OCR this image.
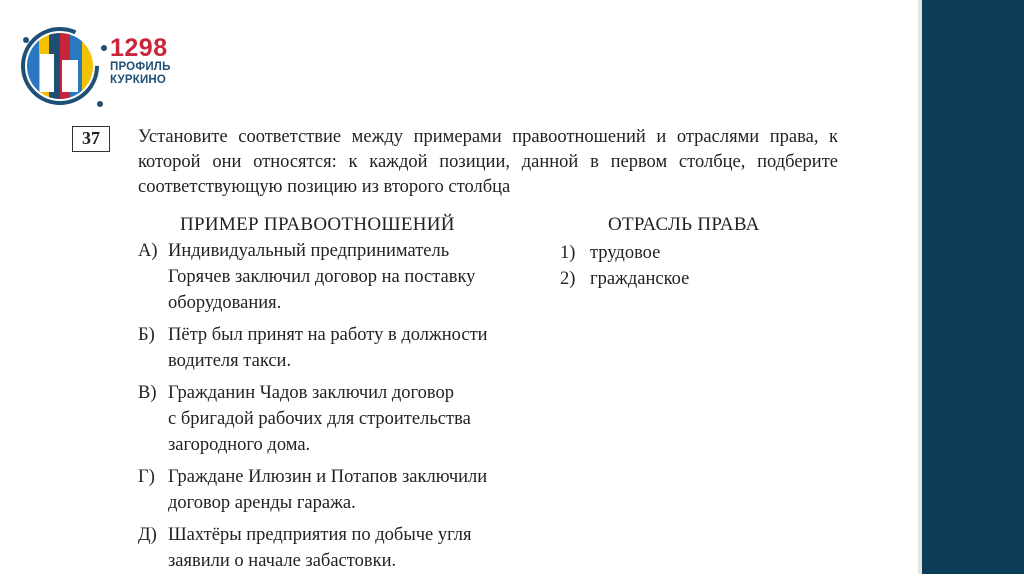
1298
ПРОФИЛЬ
КУРКИНО
37	Установите соответствие между примерами правоотношений и отраслями права, к которой они относятся: к каждой позиции, данной в первом столбце, подберите соответствующую позицию из второго столбца
ПРИМЕР ПРАВООТНОШЕНИЙ	ОТРАСЛЬ ПРАВА
А) Индивидуальный предприниматель
Горячев заключил договор на поставку
оборудования.
Б) Пётр был принят на работу в должности
водителя такси.
В) Гражданин Чадов заключил договор
с бригадой рабочих для строительства
загородного дома.
Г) Граждане Илюзин и Потапов заключили
договор аренды гаража.
Д) Шахтёры предприятия по добыче угля
заявили о начале забастовки.
1) трудовое
2) гражданское
